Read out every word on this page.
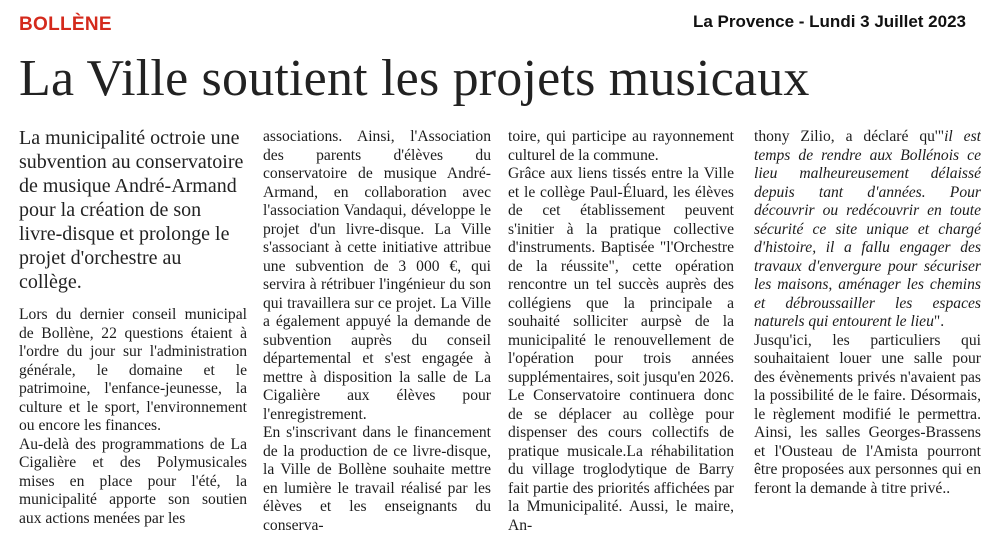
BOLLÈNE	La Provence - Lundi 3 Juillet 2023
La Ville soutient les projets musicaux

La municipalité octroie une subvention au conservatoire de musique André-Armand pour la création de son livre-disque et prolonge le projet d'orchestre au collège.

Lors du dernier conseil municipal de Bollène, 22 questions étaient à l'ordre du jour sur l'administration générale, le domaine et le patrimoine, l'enfance-jeunesse, la culture et le sport, l'environnement ou encore les finances.

Au-delà des programmations de La Cigalière et des Polymusicales mises en place pour l'été, la municipalité apporte son soutien aux actions menées par les

associations. Ainsi, l'Association des parents d'élèves du conservatoire de musique André-Armand, en collaboration avec l'association Vandaqui, développe le projet d'un livre-disque. La Ville s'associant à cette initiative attribue une subvention de 3 000 €, qui servira à rétribuer l'ingénieur du son qui travaillera sur ce projet. La Ville a également appuyé la demande de subvention auprès du conseil départemental et s'est engagée à mettre à disposition la salle de La Cigalière aux élèves pour l'enregistrement.

En s'inscrivant dans le financement de la production de ce livre-disque, la Ville de Bollène souhaite mettre en lumière le travail réalisé par les élèves et les enseignants du conserva-

toire, qui participe au rayonnement culturel de la commune.

Grâce aux liens tissés entre la Ville et le collège Paul-Éluard, les élèves de cet établissement peuvent s'initier à la pratique collective d'instruments. Baptisée "l'Orchestre de la réussite", cette opération rencontre un tel succès auprès des collégiens que la principale a souhaité solliciter aurpsè de la municipalité le renouvellement de l'opération pour trois années supplémentaires, soit jusqu'en 2026. Le Conservatoire continuera donc de se déplacer au collège pour dispenser des cours collectifs de pratique musicale.La réhabilitation du village troglodytique de Barry fait partie des priorités affichées par la Mmunicipalité. Aussi, le maire, An-

thony Zilio, a déclaré qu'"il est temps de rendre aux Bollénois ce lieu malheureusement délaissé depuis tant d'années. Pour découvrir ou redécouvrir en toute sécurité ce site unique et chargé d'histoire, il a fallu engager des travaux d'envergure pour sécuriser les maisons, aménager les chemins et débroussailler les espaces naturels qui entourent le lieu".

Jusqu'ici, les particuliers qui souhaitaient louer une salle pour des évènements privés n'avaient pas la possibilité de le faire. Désormais, le règlement modifié le permettra. Ainsi, les salles Georges-Brassens et l'Ousteau de l'Amista pourront être proposées aux personnes qui en feront la demande à titre privé..
